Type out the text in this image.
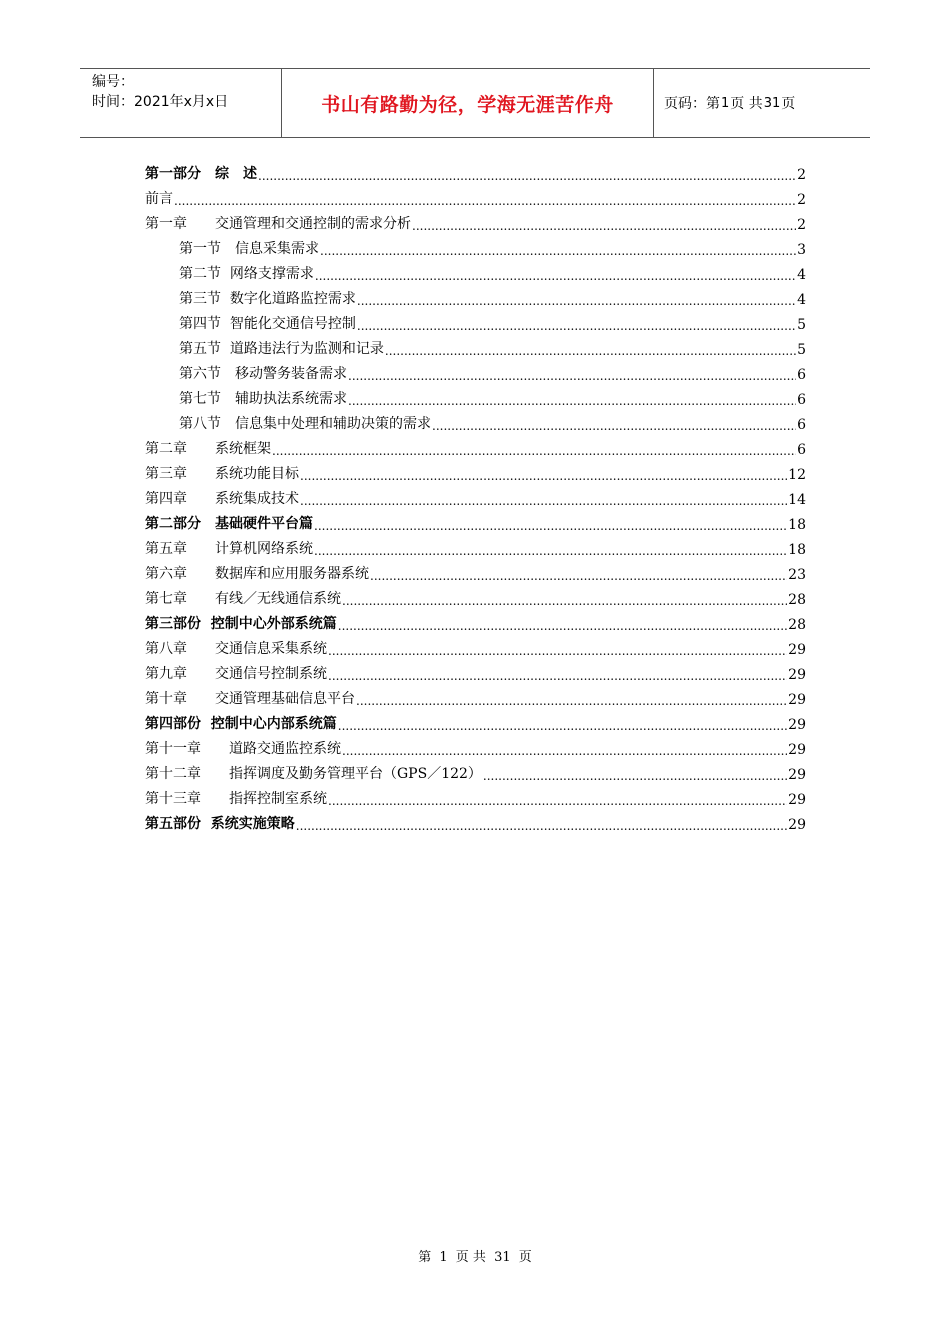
编号：
时间：2021年x月x日	书山有路勤为径，学海无涯苦作舟	页码：第 1 页 共 31 页
第一部分　综　述 .....	2
前言 .....	2
第一章　　交通管理和交通控制的需求分析 .....	2
第一节　信息采集需求 .....	3
第二节  网络支撑需求 .....	4
第三节  数字化道路监控需求 .....	4
第四节  智能化交通信号控制 .....	5
第五节  道路违法行为监测和记录 .....	5
第六节　移动警务装备需求 .....	6
第七节　辅助执法系统需求 .....	6
第八节　信息集中处理和辅助决策的需求 .....	6
第二章　　系统框架 .....	6
第三章　　系统功能目标 .....	12
第四章　　系统集成技术 .....	14
第二部分　基础硬件平台篇 .....	18
第五章　　计算机网络系统 .....	18
第六章　　数据库和应用服务器系统 .....	23
第七章　　有线／无线通信系统 .....	28
第三部份  控制中心外部系统篇 .....	28
第八章　　交通信息采集系统 .....	29
第九章　　交通信号控制系统 .....	29
第十章　　交通管理基础信息平台 .....	29
第四部份  控制中心内部系统篇 .....	29
第十一章　　道路交通监控系统 .....	29
第十二章　　指挥调度及勤务管理平台（GPS／122） .....	29
第十三章　　指挥控制室系统 .....	29
第五部份  系统实施策略 .....	29
第 1 页 共 31 页
